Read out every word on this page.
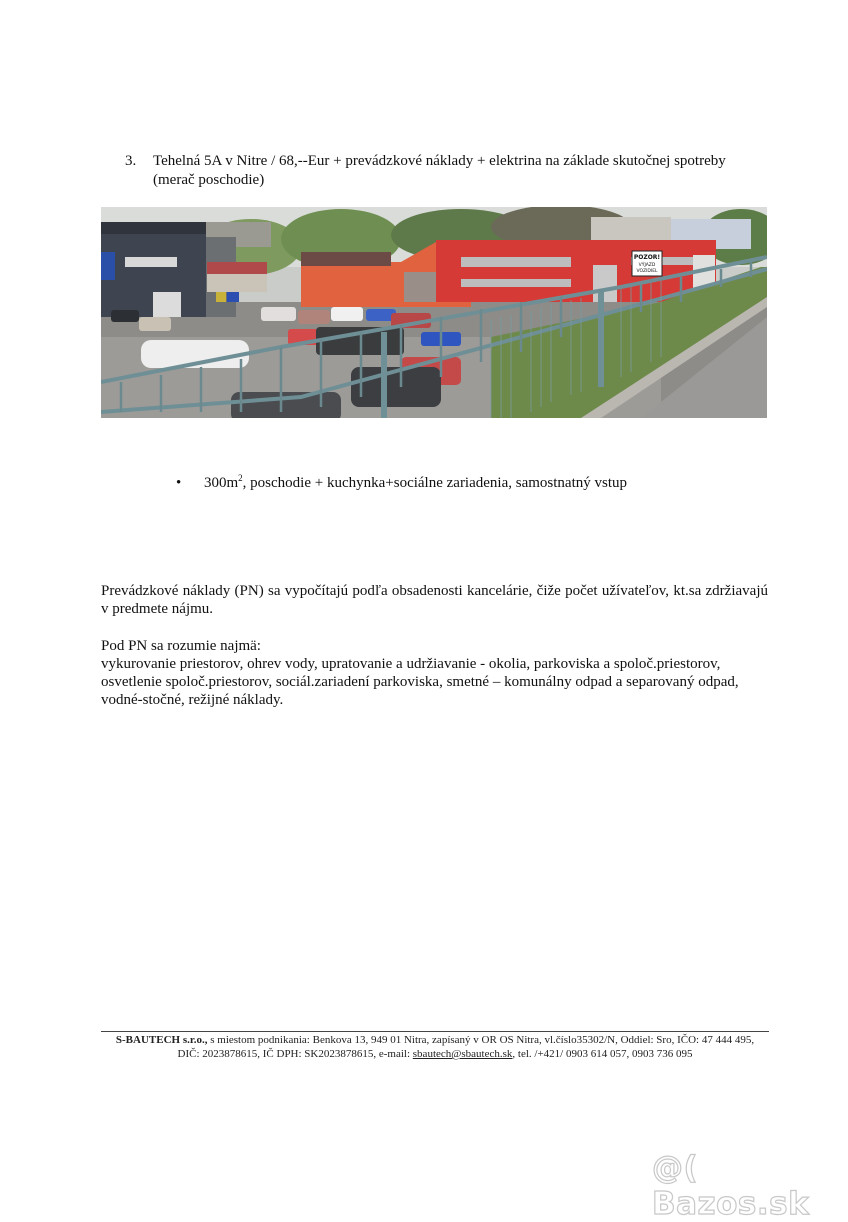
3. Tehelná 5A v Nitre / 68,--Eur + prevádzkové náklady + elektrina na základe skutočnej spotreby (merač poschodie)
POZOR!
VÝJAZD
VOZIDIEL
• $300m^2$, poschodie + kuchynka+sociálne zariadenia, samostnatný vstup
Prevádzkové náklady (PN) sa vypočítajú podľa obsadenosti kancelárie, čiže počet užívateľov, kt.sa zdržiavajú v predmete nájmu.
Pod PN sa rozumie najmä:
vykurovanie priestorov, ohrev vody, upratovanie a udržiavanie - okolia, parkoviska a spoloč.priestorov,
osvetlenie spoloč.priestorov, sociál.zariadení parkoviska, smetné – komunálny odpad a separovaný odpad,
vodné-stočné, režijné náklady.
S-BAUTECH s.r.o., s miestom podnikania: Benkova 13, 949 01 Nitra, zapísaný v OR OS Nitra, vl.číslo35302/N, Oddiel: Sro, IČO: 47 444 495,
DIČ: 2023878615, IČ DPH: SK2023878615, e-mail: sbautech@sbautech.sk, tel. /+421/ 0903 614 057, 0903 736 095
@( Bazos.sk
